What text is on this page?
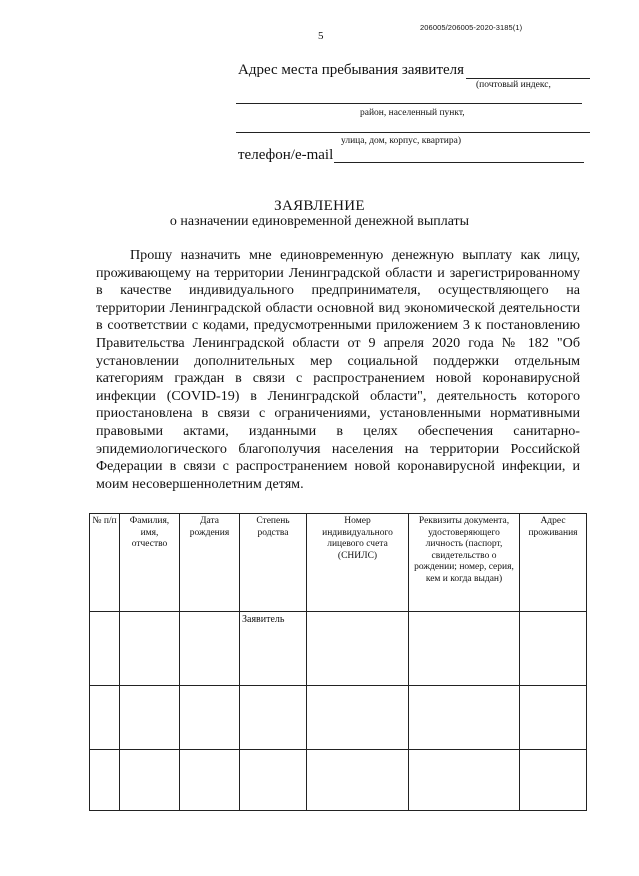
5
206005/206005-2020-3185(1)
Адрес места пребывания заявителя
(почтовый индекс,
район, населенный пункт,
улица, дом, корпус, квартира)
телефон/e-mail
ЗАЯВЛЕНИЕ
о назначении единовременной денежной выплаты

Прошу назначить мне единовременную денежную выплату как лицу, проживающему на территории Ленинградской области и зарегистрированному в качестве индивидуального предпринимателя, осуществляющего на территории Ленинградской области основной вид экономической деятельности в соответствии с кодами, предусмотренными приложением 3 к постановлению Правительства Ленинградской области от 9 апреля 2020 года № 182 "Об установлении дополнительных мер социальной поддержки отдельным категориям граждан в связи с распространением новой коронавирусной инфекции (COVID-19) в Ленинградской области", деятельность которого приостановлена в связи с ограничениями, установленными нормативными правовыми актами, изданными в целях обеспечения санитарно-эпидемиологического благополучия населения на территории Российской Федерации в связи с распространением новой коронавирусной инфекции, и моим несовершеннолетним детям.

№ п/п	Фамилия, имя, отчество	Дата рождения	Степень родства	Номер индивидуального лицевого счета (СНИЛС)	Реквизиты документа, удостоверяющего личность (паспорт, свидетельство о рождении; номер, серия, кем и когда выдан)	Адрес проживания
			Заявитель			
